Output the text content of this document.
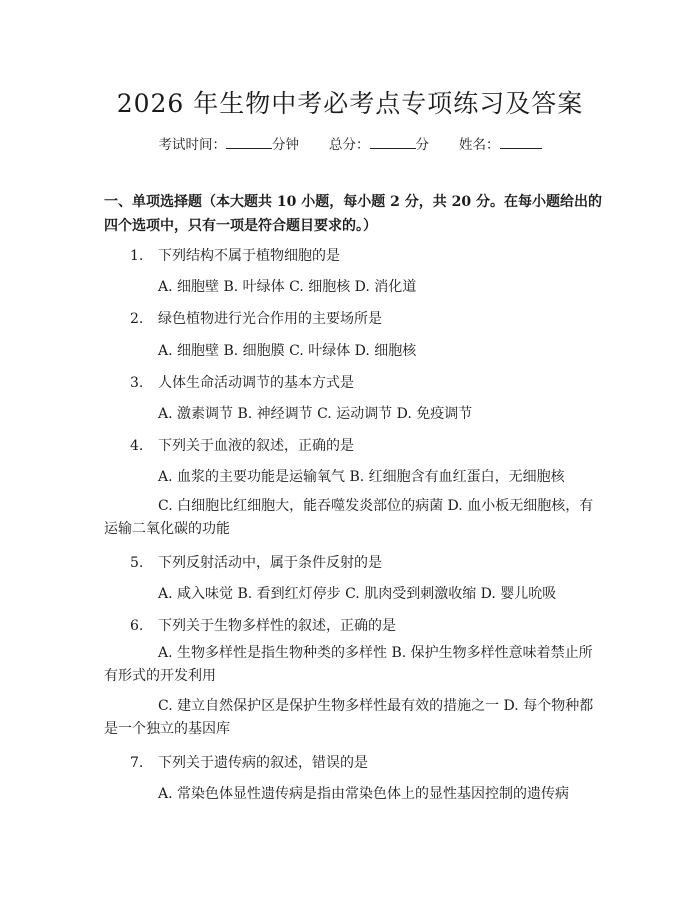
2026 年生物中考必考点专项练习及答案
考试时间：	分钟 总分：	分 姓名：

一、单项选择题（本大题共 10 小题，每小题 2 分，共 20 分。在每小题给出的四个选项中，只有一项是符合题目要求的。）

1. 下列结构不属于植物细胞的是
A. 细胞壁 B. 叶绿体 C. 细胞核 D. 消化道
2. 绿色植物进行光合作用的主要场所是
A. 细胞壁 B. 细胞膜 C. 叶绿体 D. 细胞核
3. 人体生命活动调节的基本方式是
A. 激素调节 B. 神经调节 C. 运动调节 D. 免疫调节
4. 下列关于血液的叙述，正确的是
A. 血浆的主要功能是运输氧气 B. 红细胞含有血红蛋白，无细胞核
C. 白细胞比红细胞大，能吞噬发炎部位的病菌 D. 血小板无细胞核，有运输二氧化碳的功能
5. 下列反射活动中，属于条件反射的是
A. 咸入味觉 B. 看到红灯停步 C. 肌肉受到刺激收缩 D. 婴儿吮吸
6. 下列关于生物多样性的叙述，正确的是
A. 生物多样性是指生物种类的多样性 B. 保护生物多样性意味着禁止所有形式的开发利用
C. 建立自然保护区是保护生物多样性最有效的措施之一 D. 每个物种都是一个独立的基因库
7. 下列关于遗传病的叙述，错误的是
A. 常染色体显性遗传病是指由常染色体上的显性基因控制的遗传病
